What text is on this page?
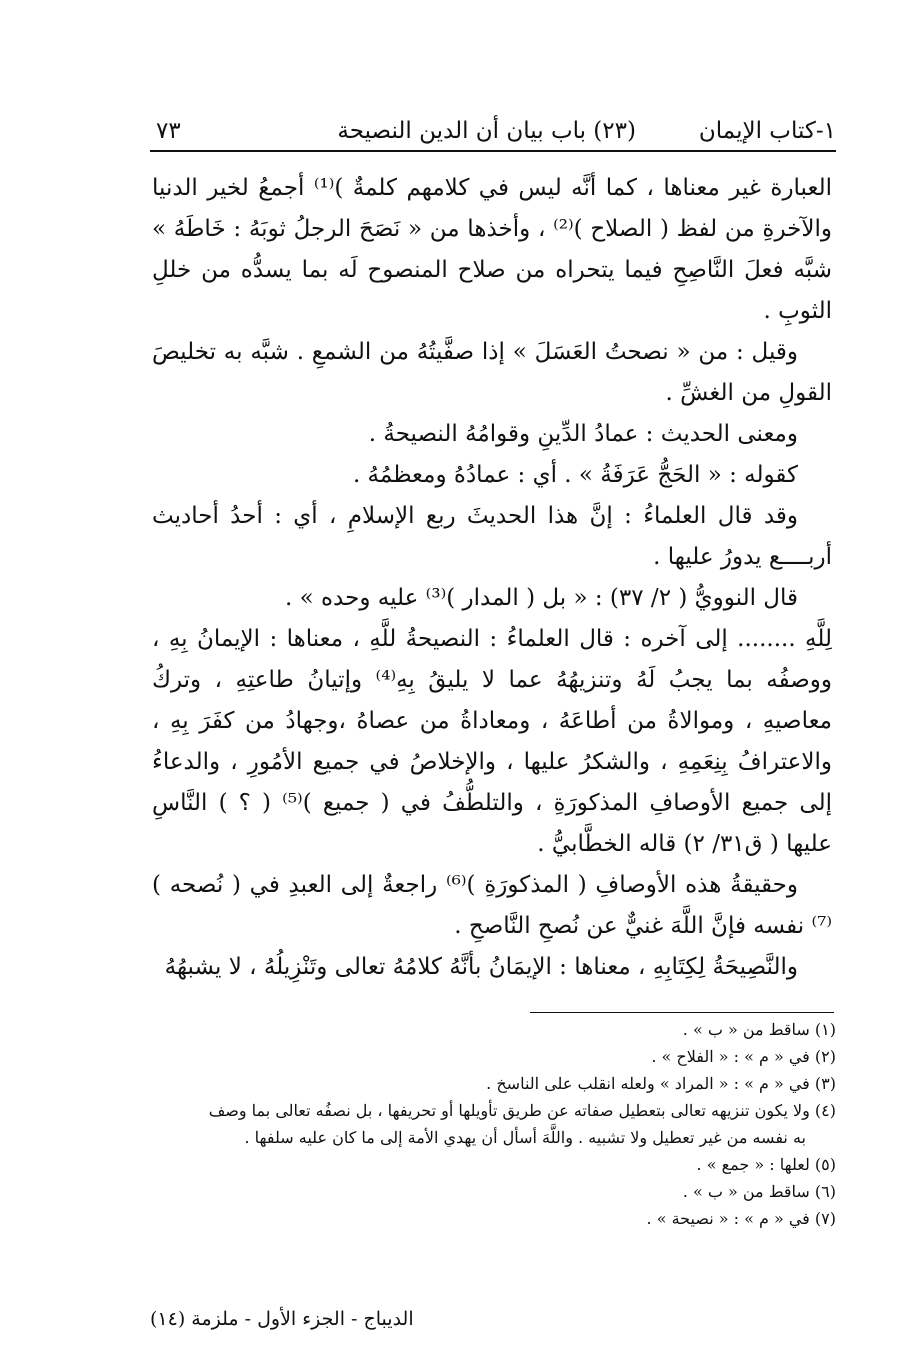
١-كتاب الإيمان
(٢٣) باب بيان أن الدين النصيحة
٧٣

العبارة غير معناها ، كما أنَّه ليس في كلامهم كلمةٌ )⁽¹⁾ أجمعُ لخير الدنيا والآخرةِ من لفظ ( الصلاح )⁽²⁾ ، وأخذها من « نَصَحَ الرجلُ ثوبَهُ : خَاطَهُ » شبَّه فعلَ النَّاصِحِ فيما يتحراه من صلاح المنصوح لَه بما يسدُّه من خللِ الثوبِ .

وقيل : من « نصحتُ العَسَلَ » إذا صفَّيتُهُ من الشمعِ . شبَّه به تخليصَ القولِ من الغشِّ .

ومعنى الحديث : عمادُ الدِّينِ وقوامُهُ النصيحةُ .

كقوله : « الحَجُّ عَرَفَةُ » . أي : عمادُهُ ومعظمُهُ .

وقد قال العلماءُ : إنَّ هذا الحديثَ ربع الإسلامِ ، أي : أحدُ أحاديث أربــــع يدورُ عليها .

قال النوويُّ ( ٢/ ٣٧) : « بل ( المدار )⁽³⁾ عليه وحده » .

لِلَّهِ ........ إلى آخره : قال العلماءُ : النصيحةُ للَّهِ ، معناها : الإيمانُ بِهِ ، ووصفُه بما يجبُ لَهُ وتنزيهُهُ عما لا يليقُ بِهِ⁽⁴⁾ وإتيانُ طاعتِهِ ، وتركُ معاصيهِ ، وموالاةُ من أطاعَهُ ، ومعاداةُ من عصاهُ ،وجهادُ من كفَرَ بِهِ ، والاعترافُ بِنِعَمِهِ ، والشكرُ عليها ، والإخلاصُ في جميع الأمُورِ ، والدعاءُ إلى جميع الأوصافِ المذكورَةِ ، والتلطُّفُ في ( جميع )⁽⁵⁾ ( ؟ ) النَّاسِ عليها ( ق٣١/ ٢) قاله الخطَّابيُّ .

وحقيقةُ هذه الأوصافِ ( المذكورَةِ )⁽⁶⁾ راجعةٌ إلى العبدِ في ( نُصحه )⁽⁷⁾ نفسه فإنَّ اللَّهَ غنيٌّ عن نُصحِ النَّاصحِ .

والنَّصِيحَةُ لِكِتَابِهِ ، معناها : الإيمَانُ بأنَّهُ كلامُهُ تعالى وتَنْزِيلُهُ ، لا يشبهُهُ

(١) ساقط من « ب » .

(٢) في « م » : « الفلاح » .

(٣) في « م » : « المراد » ولعله انقلب على الناسخ .

(٤) ولا يكون تنزيهه تعالى بتعطيل صفاته عن طريق تأويلها أو تحريفها ، بل نصفُه تعالى بما وصف

به نفسه من غير تعطيل ولا تشبيه . واللَّهَ أسأل أن يهدي الأمة إلى ما كان عليه سلفها .

(٥) لعلها : « جمع » .

(٦) ساقط من « ب » .

(٧) في « م » : « نصيحة » .

الديباج - الجزء الأول - ملزمة (١٤)
